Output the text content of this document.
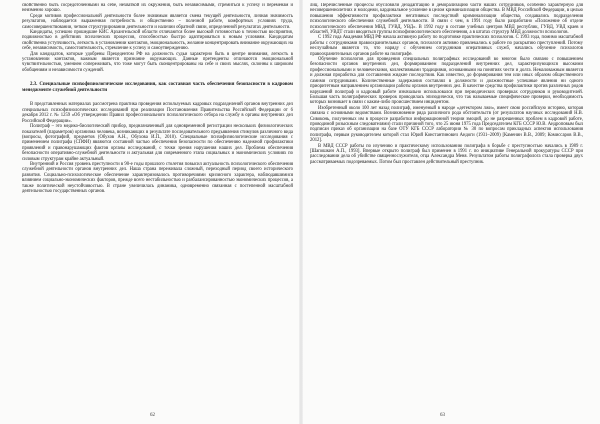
свойственно быть сосредоточенными на себе, нехваткой их окружения, быть независимыми, стремиться к успеху и переменам и неизменно хорошо.

Среди мотивов профессиональной деятельности более значимым является смена текущей деятельности, личная значимость результатов, наблюдается выраженная потребность и общественно – полезной работе, комфортных условиях труда, самосовершенствовании, четком структурировании деятельности и наличии обратной связи, определенной результатах деятельности.

Кандидаты, успешно прошедшие КИС Архангельской области отличаются более высокой готовностью к точностью восприятия, подвижностью в действиях психических процессов, способностью быстро адаптироваться к новым условиям. Кандидатам свойственна уступчивость, легкость в установлении контактов, эмоциональность, желание концентрировать внимание окружающих на себе, независимость, самостоятельность, стремление к успеху и самоутверждению.

Для кандидатов, которые удобрены Прецедентом РФ на должность судьи характерно быть в центре внимания, легкость в установлении контактов, важным является признание окружающих. Данные претенденты отличаются эмоциональной чувствительностью, умением сопереживать, что тоже могут быть сконцентрированы на себе и своих мыслях, склонны к широким обобщениям и независимости суждений.

2.3. Специальные психофизиологические исследования, как составная часть обеспечения безопасности в кадровом менеджменте служебной деятельности

В представленных материалах рассмотрена практика проведения используемых кадровых подразделений органов внутренних дел специальных психофизиологических исследований при реализации Постановления Правительства Российской Федерации от 6 декабря 2012 г. № 1259 «Об утверждении Правил профессионального психологического отбора на службу в органы внутренних дел Российской Федерации».

Полиграф – это медико-биологический прибор, предназначенный для одновременной регистрации нескольких физиологических показателей (параметров) организма человека, возникающих в результате последовательного предъявления стимулов различного вида (вопросы, фотографий, предметов (Обухов А.Н., Обухова И.П., 2010). Специальные психофизиологические исследования с применением полиграфа (СПФИ) являются составной частью обеспечения безопасности по обеспечению надежной профилактики проявлений и правонарушающих фактов органы исследований, с точки зрения нарушения наших дел. Проблема обеспечения безопасности оперативно-служебной деятельности и актуальная для современного этапа социальных и экономических условиях по силовым структурам крайне актуальный.

Внутренний и Россия уровень преступности в 90-е годы прошлого столетия повысил актуальность психологического обеспечения служебной деятельности органов внутренних дел. Наша страна переживала сложный, переходный период своего исторического развития. Социально-психологическое обеспечение характеризовалось противоречиями кризисного характера, наблюдавшимися влиянием социально-экономических факторов, прежде всего нестабильностью и разбалансированностью экономических процессов, а также политической неустойчивостью. В стране увеличилась динамика, одновременно связанная с постепенной масштабной деятельностью государственных органов.

лиц. Перечисленные процессы обусловили дезадаптацию и деморализацию части наших сотрудников, особенно характерную для несовершеннолетних и молодежи, кардинальное усиление в целом криминализации общества. В МВД Российской Федерации, в целью повышения эффективности профилактики негативных последствий криминализации общества, создавались подразделения психологического обеспечения служебной деятельности. В связи с чем, в 1991 году было разработано «Положение об отделе психологического обеспечения МВД, ГУВД, УВД». В 1992 году в составе учебных центров МВД республик, ГУВД, УВД краев и областей, УВДТ стали вводиться группы психофизиологического обеспечения, а в штатах структур МВД должности психологов.

С 1992 года Академия МВД РФ начала активную работу по подготовке практических психологов. С 1993 года, помимо масштабной работы с сотрудниками правоохранительных органов, психологи активно привлекались к работе по раскрытию преступлений. Потому неслучайным является то, что наряду с обучением сотрудников оперативных служб, начались обучение психологов правоохранительных органов работе на полиграфе.

Обучение психологов для проведения специальных полиграфных исследований во многом было связано с повышением безопасности органов внутренних дел, формированием подразделений внутренних дел, характеризующихся высокими профессиональными и человеческими, коллективными традициями, основанными на понятиях чести и долга. Немаловажным является и должная проработка для составления жидкие последствия. Как известно, до формирования тем или иных образом общественного самими сотрудниками. Количественные задержания составлял в должности и должностные успешные явления ни одного приоритетным направлением организации работы органов внутренних дел. В качестве средства профилактики против различных родов нарушений полиграф и кадровый работе изначально использовался при периодических проверках сотрудников и руководителей. Большая часть полиграфических проверок проводилась эпизодически, что так называемые специфические проверки, необходимость которых возникает в связи с каким-либо происшествием инцидентом.

Изобретенный около 100 лет назад полиграф, именуемый в народе «детектором лжи», имеет свою российскую историю, которая связана с основными ведомствами. Возникновение ряда различного рода обстоятельств (от результатов научных исследований Н.В. Сивоконь, полученных им в процессе разработки информационной теории эмоций, до не разрешенных проблем в кадровой работе, проводимой розыскным следователями) стали причиной того, что 25 июня 1975 года Председателем КГБ СССР Ю.В. Андроповым был подписан приказ об организации на базе ОТУ КГБ СССР лаборатории № 30 по вопросам прикладных аспектов использования полиграфа, первым руководителем которой стал Юрий Константинович Андоги (1931–2009) [Каменин В.В., 2009; Комиссаров В.В., 2012].

В МВД СССР работы по изучению и практическому использованию полиграфа в борьбе с преступностью начались в 1989 г. [Шапошкин А.П., 1993]. Впервые открыто полиграф был применен в 1991 г. по инициативе Генеральной прокуратуры СССР при расследовании дела об убийстве священнослужителя, отца Александра Меня. Результатом работы полиграфолога стала проверка двух рассматриваемых подозреваемых. Потом был проставлен действительный преступник.

62	63
